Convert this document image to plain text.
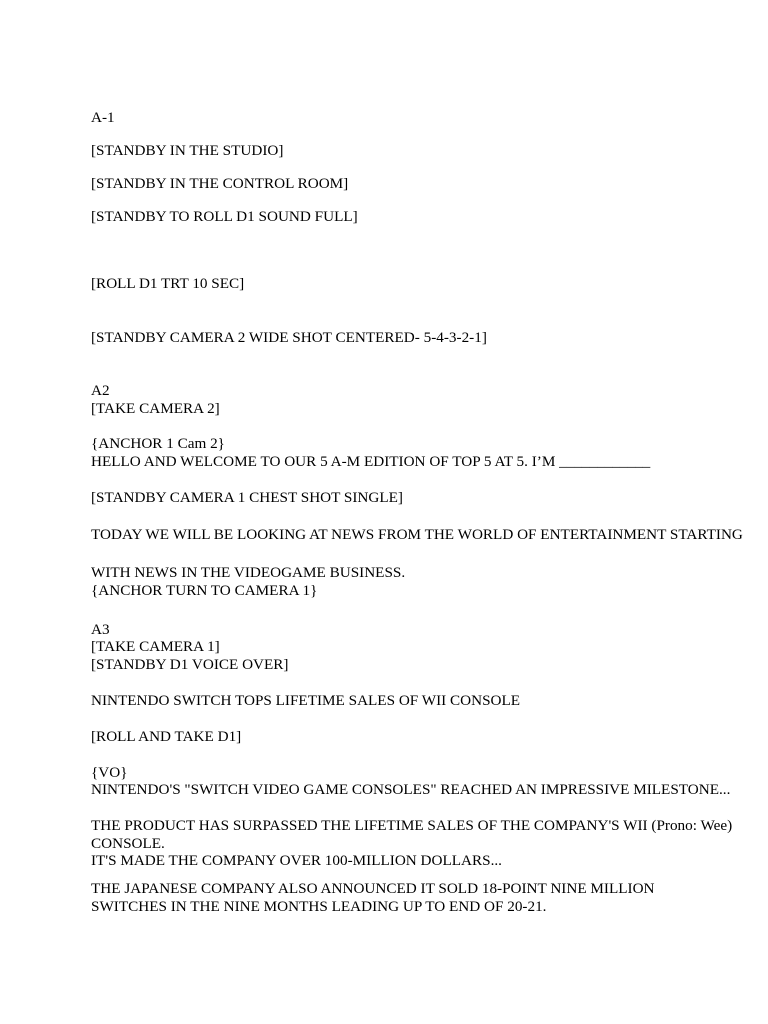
A-1
[STANDBY IN THE STUDIO]
[STANDBY IN THE CONTROL ROOM]
[STANDBY TO ROLL D1 SOUND FULL]
[ROLL D1 TRT 10 SEC]
[STANDBY CAMERA 2 WIDE SHOT CENTERED- 5-4-3-2-1]
A2
[TAKE CAMERA 2]
{ANCHOR 1 Cam 2}
HELLO AND WELCOME TO OUR 5 A-M EDITION OF TOP 5 AT 5. I’M ____________
[STANDBY CAMERA 1 CHEST SHOT SINGLE]
TODAY WE WILL BE LOOKING AT NEWS FROM THE WORLD OF ENTERTAINMENT STARTING
WITH NEWS IN THE VIDEOGAME BUSINESS.
{ANCHOR TURN TO CAMERA 1}
A3
[TAKE CAMERA 1]
[STANDBY D1 VOICE OVER]
NINTENDO SWITCH TOPS LIFETIME SALES OF WII CONSOLE
[ROLL AND TAKE D1]
{VO}
NINTENDO'S "SWITCH VIDEO GAME CONSOLES" REACHED AN IMPRESSIVE MILESTONE...
THE PRODUCT HAS SURPASSED THE LIFETIME SALES OF THE COMPANY'S WII (Prono: Wee)
CONSOLE.
IT'S MADE THE COMPANY OVER 100-MILLION DOLLARS...
THE JAPANESE COMPANY ALSO ANNOUNCED IT SOLD 18-POINT NINE MILLION
SWITCHES IN THE NINE MONTHS LEADING UP TO END OF 20-21.
